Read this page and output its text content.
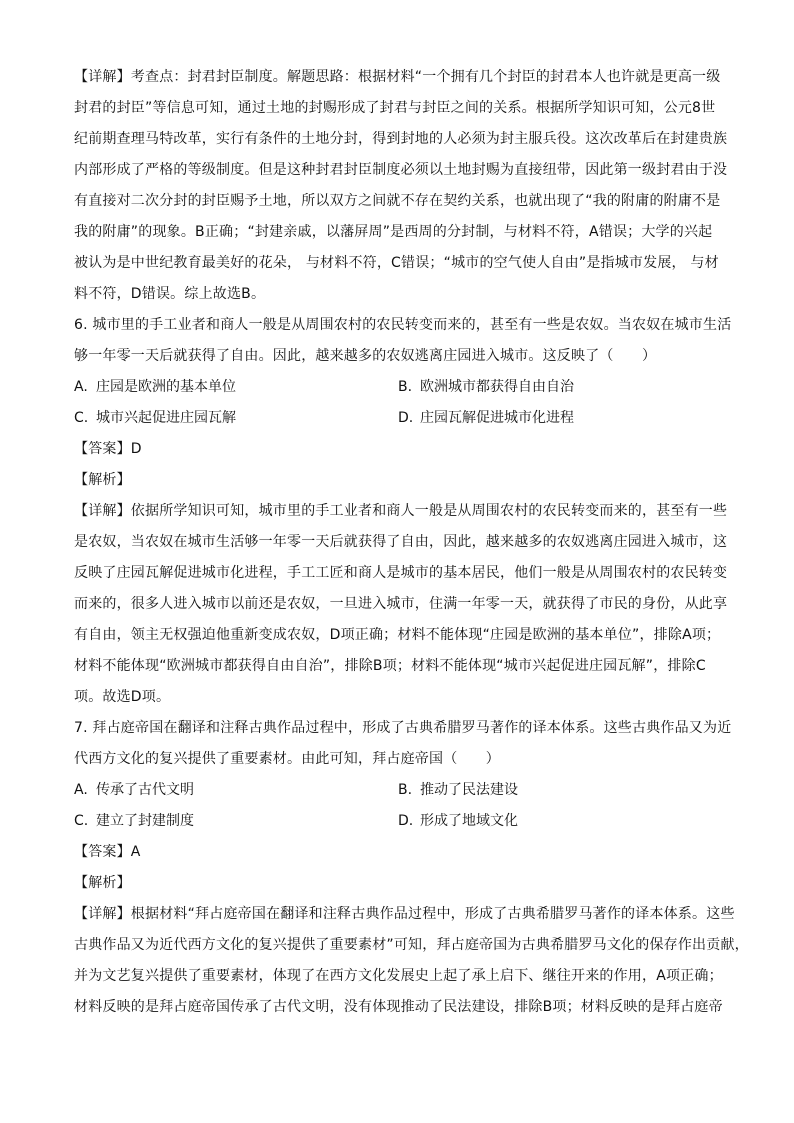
【详解】考查点：封君封臣制度。解题思路：根据材料“一个拥有几个封臣的封君本人也许就是更高一级
封君的封臣”等信息可知，通过土地的封赐形成了封君与封臣之间的关系。根据所学知识可知，公元8世
纪前期查理马特改革，实行有条件的土地分封，得到封地的人必须为封主服兵役。这次改革后在封建贵族
内部形成了严格的等级制度。但是这种封君封臣制度必须以土地封赐为直接纽带，因此第一级封君由于没
有直接对二次分封的封臣赐予土地，所以双方之间就不存在契约关系，也就出现了“我的附庸的附庸不是
我的附庸”的现象。B正确；“封建亲戚，以藩屏周”是西周的分封制，与材料不符，A错误；大学的兴起
被认为是中世纪教育最美好的花朵， 与材料不符，C错误；“城市的空气使人自由”是指城市发展， 与材
料不符，D错误。综上故选B。
6. 城市里的手工业者和商人一般是从周围农村的农民转变而来的，甚至有一些是农奴。当农奴在城市生活
够一年零一天后就获得了自由。因此，越来越多的农奴逃离庄园进入城市。这反映了（　　）
A. 庄园是欧洲的基本单位	B. 欧洲城市都获得自由自治
C. 城市兴起促进庄园瓦解	D. 庄园瓦解促进城市化进程
【答案】D
【解析】
【详解】依据所学知识可知，城市里的手工业者和商人一般是从周围农村的农民转变而来的，甚至有一些
是农奴，当农奴在城市生活够一年零一天后就获得了自由，因此，越来越多的农奴逃离庄园进入城市，这
反映了庄园瓦解促进城市化进程，手工工匠和商人是城市的基本居民，他们一般是从周围农村的农民转变
而来的，很多人进入城市以前还是农奴，一旦进入城市，住满一年零一天，就获得了市民的身份，从此享
有自由，领主无权强迫他重新变成农奴，D项正确；材料不能体现“庄园是欧洲的基本单位”，排除A项；
材料不能体现“欧洲城市都获得自由自治”，排除B项；材料不能体现“城市兴起促进庄园瓦解”，排除C
项。故选D项。
7. 拜占庭帝国在翻译和注释古典作品过程中，形成了古典希腊罗马著作的译本体系。这些古典作品又为近
代西方文化的复兴提供了重要素材。由此可知，拜占庭帝国（　　）
A. 传承了古代文明	B. 推动了民法建设
C. 建立了封建制度	D. 形成了地域文化
【答案】A
【解析】
【详解】根据材料“拜占庭帝国在翻译和注释古典作品过程中，形成了古典希腊罗马著作的译本体系。这些
古典作品又为近代西方文化的复兴提供了重要素材”可知，拜占庭帝国为古典希腊罗马文化的保存作出贡献，
并为文艺复兴提供了重要素材，体现了在西方文化发展史上起了承上启下、继往开来的作用，A项正确；
材料反映的是拜占庭帝国传承了古代文明，没有体现推动了民法建设，排除B项；材料反映的是拜占庭帝
